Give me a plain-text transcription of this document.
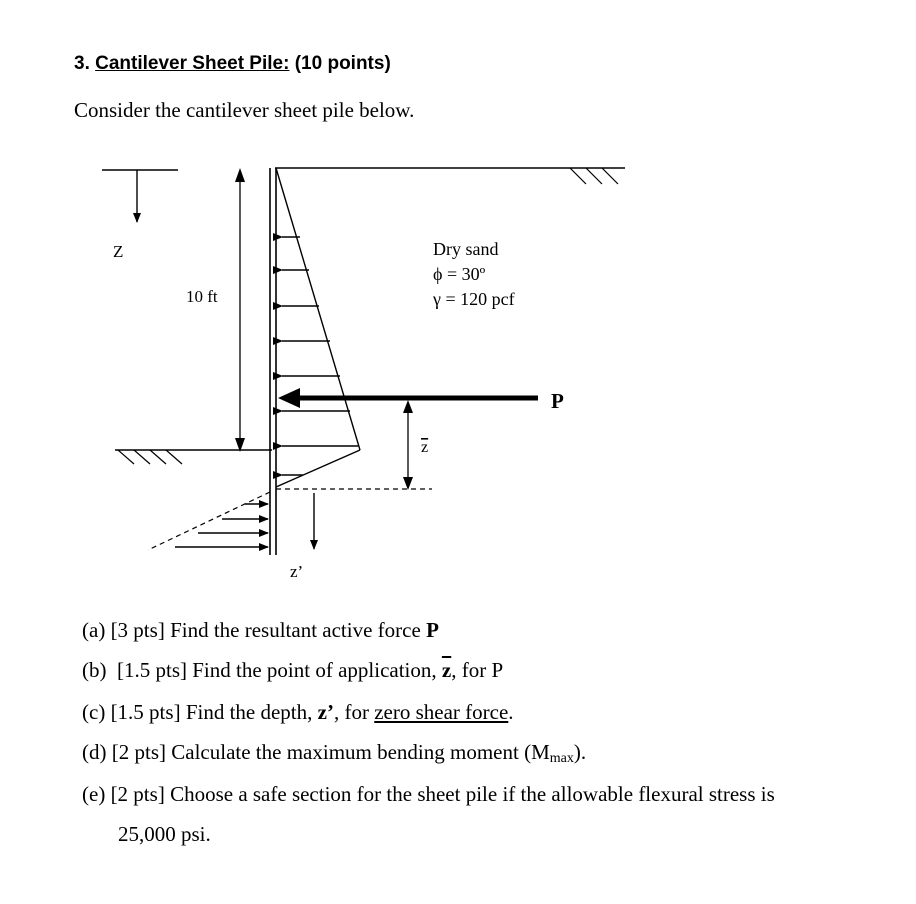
3. Cantilever Sheet Pile: (10 points)
Consider the cantilever sheet pile below.
Z
10 ft
P
z
z’
Dry sand
ϕ = 30º
γ = 120 pcf
(a) [3 pts] Find the resultant active force P
(b) [1.5 pts] Find the point of application, $\overline{z}$, for P
(c) [1.5 pts] Find the depth, z’, for zero shear force.
(d) [2 pts] Calculate the maximum bending moment $(M_{max})$.
(e) [2 pts] Choose a safe section for the sheet pile if the allowable flexural stress is
25,000 psi.
